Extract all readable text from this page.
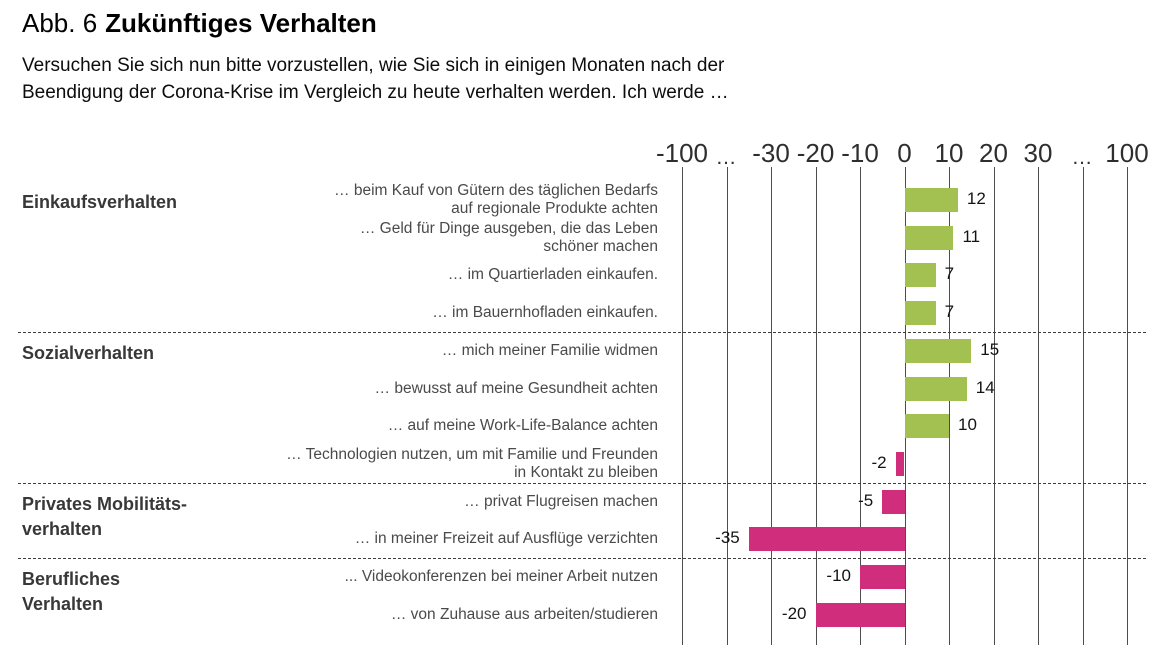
Abb. 6 Zukünftiges Verhalten
Versuchen Sie sich nun bitte vorzustellen, wie Sie sich in einigen Monaten nach der
Beendigung der Corona-Krise im Vergleich zu heute verhalten werden. Ich werde …
-100 … -30 -20 -10 0 10 20 30 … 100
… beim Kauf von Gütern des täglichen Bedarfs
auf regionale Produkte achten
12
… Geld für Dinge ausgeben, die das Leben
schöner machen
11
… im Quartierladen einkaufen.	7
… im Bauernhofladen einkaufen.	7
Einkaufsverhalten
… mich meiner Familie widmen	15
… bewusst auf meine Gesundheit achten	14
… auf meine Work-Life-Balance achten	10
… Technologien nutzen, um mit Familie und Freunden
in Kontakt zu bleiben
-2
Sozialverhalten
… privat Flugreisen machen	-5
… in meiner Freizeit auf Ausflüge verzichten	-35
Privates Mobilitäts-
verhalten
... Videokonferenzen bei meiner Arbeit nutzen	-10
… von Zuhause aus arbeiten/studieren	-20
Berufliches
Verhalten
